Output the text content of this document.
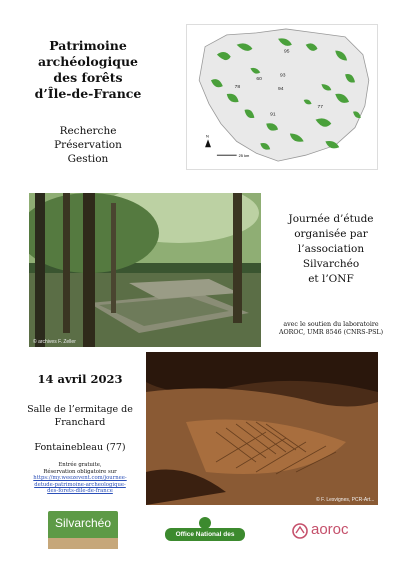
Patrimoine
archéologique
des forêts
d’Île-de-France
Recherche
Préservation
Gestion
95
60
78
93
94
91
77
N
25 km
© archives F. Zeller
Journée d’étude
organisée par
l’association
Silvarchéo
et l’ONF
avec le soutien du laboratoire
AOROC, UMR 8546 (CNRS-PSL)
14 avril 2023
Salle de l’ermitage de
Franchard
Fontainebleau (77)
Entrée gratuite,
Réservation obligatoire sur
https://my.weezevent.com/journee-
detude-patrimoine-archeologique-
des-forets-dile-de-france
© F. Lesvignes, PCR-Art...
Silvarchéo
Office National des Forêts
aoroc
